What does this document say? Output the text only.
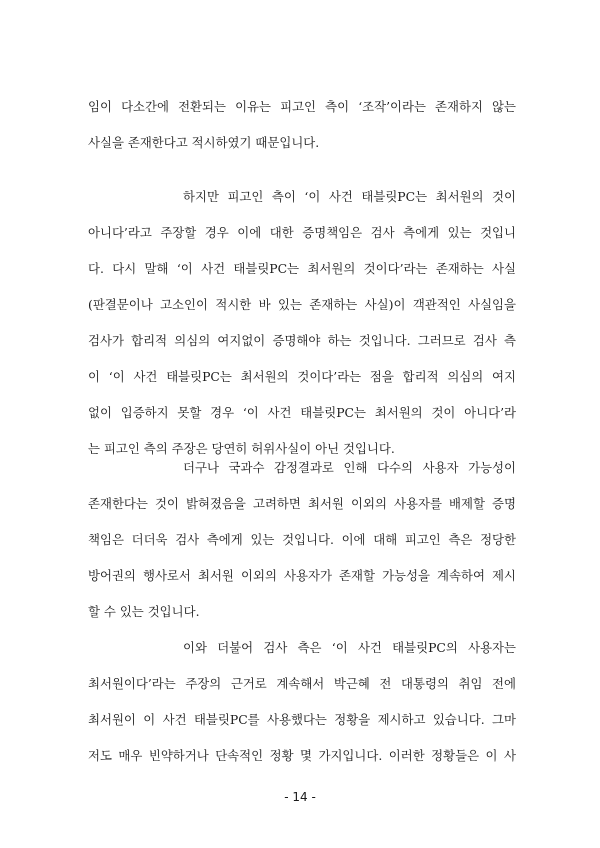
임이 다소간에 전환되는 이유는 피고인 측이 ‘조작’이라는 존재하지 않는
사실을 존재한다고 적시하였기 때문입니다.
하지만 피고인 측이 ‘이 사건 태블릿PC는 최서원의 것이
아니다’라고 주장할 경우 이에 대한 증명책임은 검사 측에게 있는 것입니
다. 다시 말해 ‘이 사건 태블릿PC는 최서원의 것이다’라는 존재하는 사실
(판결문이나 고소인이 적시한 바 있는 존재하는 사실)이 객관적인 사실임을
검사가 합리적 의심의 여지없이 증명해야 하는 것입니다. 그러므로 검사 측
이 ‘이 사건 태블릿PC는 최서원의 것이다’라는 점을 합리적 의심의 여지
없이 입증하지 못할 경우 ‘이 사건 태블릿PC는 최서원의 것이 아니다’라
는 피고인 측의 주장은 당연히 허위사실이 아닌 것입니다.
더구나 국과수 감정결과로 인해 다수의 사용자 가능성이
존재한다는 것이 밝혀졌음을 고려하면 최서원 이외의 사용자를 배제할 증명
책임은 더더욱 검사 측에게 있는 것입니다. 이에 대해 피고인 측은 정당한
방어권의 행사로서 최서원 이외의 사용자가 존재할 가능성을 계속하여 제시
할 수 있는 것입니다.
이와 더불어 검사 측은 ‘이 사건 태블릿PC의 사용자는
최서원이다’라는 주장의 근거로 계속해서 박근혜 전 대통령의 취임 전에
최서원이 이 사건 태블릿PC를 사용했다는 정황을 제시하고 있습니다. 그마
저도 매우 빈약하거나 단속적인 정황 몇 가지입니다. 이러한 정황들은 이 사
- 14 -
